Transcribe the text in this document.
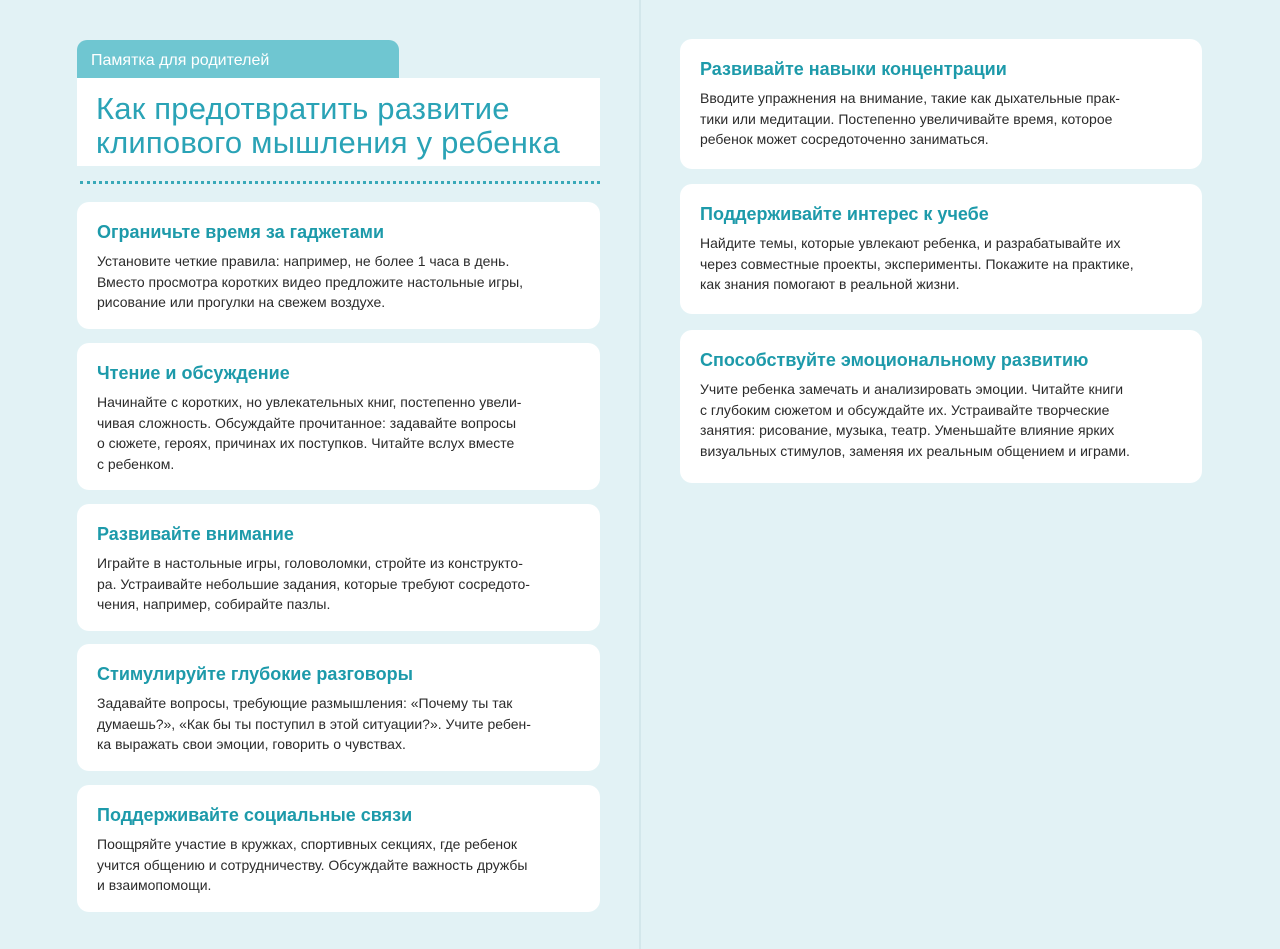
Памятка для родителей
Как предотвратить развитие
клипового мышления у ребенка
Ограничьте время за гаджетами
Установите четкие правила: например, не более 1 часа в день.
Вместо просмотра коротких видео предложите настольные игры,
рисование или прогулки на свежем воздухе.
Чтение и обсуждение
Начинайте с коротких, но увлекательных книг, постепенно увели-
чивая сложность. Обсуждайте прочитанное: задавайте вопросы
о сюжете, героях, причинах их поступков. Читайте вслух вместе
с ребенком.
Развивайте внимание
Играйте в настольные игры, головоломки, стройте из конструкто-
ра. Устраивайте небольшие задания, которые требуют сосредото-
чения, например, собирайте пазлы.
Стимулируйте глубокие разговоры
Задавайте вопросы, требующие размышления: «Почему ты так
думаешь?», «Как бы ты поступил в этой ситуации?». Учите ребен-
ка выражать свои эмоции, говорить о чувствах.
Поддерживайте социальные связи
Поощряйте участие в кружках, спортивных секциях, где ребенок
учится общению и сотрудничеству. Обсуждайте важность дружбы
и взаимопомощи.
Развивайте навыки концентрации
Вводите упражнения на внимание, такие как дыхательные прак-
тики или медитации. Постепенно увеличивайте время, которое
ребенок может сосредоточенно заниматься.
Поддерживайте интерес к учебе
Найдите темы, которые увлекают ребенка, и разрабатывайте их
через совместные проекты, эксперименты. Покажите на практике,
как знания помогают в реальной жизни.
Способствуйте эмоциональному развитию
Учите ребенка замечать и анализировать эмоции. Читайте книги
с глубоким сюжетом и обсуждайте их. Устраивайте творческие
занятия: рисование, музыка, театр. Уменьшайте влияние ярких
визуальных стимулов, заменяя их реальным общением и играми.
